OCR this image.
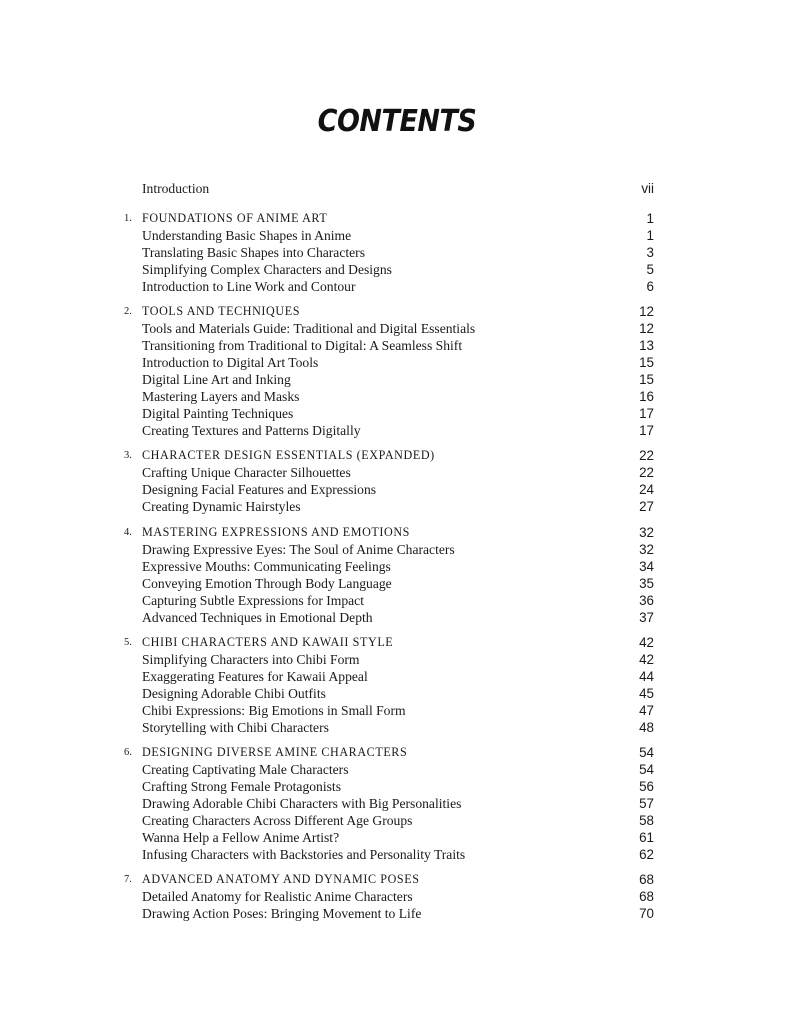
CONTENTS
Introduction	vii
1. FOUNDATIONS OF ANIME ART	1
Understanding Basic Shapes in Anime	1
Translating Basic Shapes into Characters	3
Simplifying Complex Characters and Designs	5
Introduction to Line Work and Contour	6
2. TOOLS AND TECHNIQUES	12
Tools and Materials Guide: Traditional and Digital Essentials	12
Transitioning from Traditional to Digital: A Seamless Shift	13
Introduction to Digital Art Tools	15
Digital Line Art and Inking	15
Mastering Layers and Masks	16
Digital Painting Techniques	17
Creating Textures and Patterns Digitally	17
3. CHARACTER DESIGN ESSENTIALS (EXPANDED)	22
Crafting Unique Character Silhouettes	22
Designing Facial Features and Expressions	24
Creating Dynamic Hairstyles	27
4. MASTERING EXPRESSIONS AND EMOTIONS	32
Drawing Expressive Eyes: The Soul of Anime Characters	32
Expressive Mouths: Communicating Feelings	34
Conveying Emotion Through Body Language	35
Capturing Subtle Expressions for Impact	36
Advanced Techniques in Emotional Depth	37
5. CHIBI CHARACTERS AND KAWAII STYLE	42
Simplifying Characters into Chibi Form	42
Exaggerating Features for Kawaii Appeal	44
Designing Adorable Chibi Outfits	45
Chibi Expressions: Big Emotions in Small Form	47
Storytelling with Chibi Characters	48
6. DESIGNING DIVERSE AMINE CHARACTERS	54
Creating Captivating Male Characters	54
Crafting Strong Female Protagonists	56
Drawing Adorable Chibi Characters with Big Personalities	57
Creating Characters Across Different Age Groups	58
Wanna Help a Fellow Anime Artist?	61
Infusing Characters with Backstories and Personality Traits	62
7. ADVANCED ANATOMY AND DYNAMIC POSES	68
Detailed Anatomy for Realistic Anime Characters	68
Drawing Action Poses: Bringing Movement to Life	70
